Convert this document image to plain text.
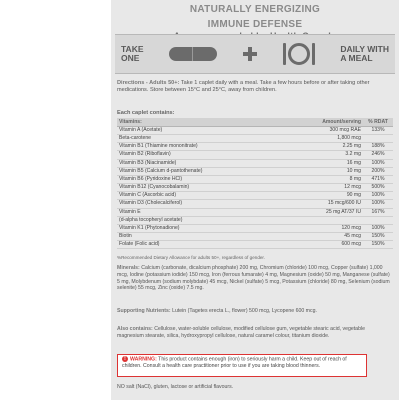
NATURALLY ENERGIZING
IMMUNE DEFENSE
TAKE
ONE
DAILY WITH
A MEAL
Directions - Adults 50+: Take 1 caplet daily with a meal. Take a few hours before or after taking other medications. Store between 15°C and 25°C, away from children.
Each caplet contains:
Vitamins:	Amount/serving	% RDAT
Vitamin A (Acetate)	300 mcg RAE	133%
Beta-carotene	1,800 mcg	
Vitamin B1 (Thiamine mononitrate)	2.25 mg	188%
Vitamin B2 (Riboflavin)	3.2 mg	246%
Vitamin B3 (Niacinamide)	16 mg	100%
Vitamin B5 (Calcium d-pantothenate)	10 mg	200%
Vitamin B6 (Pyridoxine HCl)	8 mg	471%
Vitamin B12 (Cyanocobalamin)	12 mcg	500%
Vitamin C (Ascorbic acid)	90 mg	100%
Vitamin D3 (Cholecalciferol)	15 mcg/600 IU	100%
Vitamin E	25 mg AT/37 IU	167%
(d-alpha tocopheryl acetate)		
Vitamin K1 (Phytonadione)	120 mcg	100%
Biotin	45 mcg	150%
Folate (Folic acid)	600 mcg	150%
%Recommended Dietary Allowance for adults 50+, regardless of gender.
Minerals: Calcium (carbonate, dicalcium phosphate) 200 mg, Chromium (chloride) 100 mcg, Copper (sulfate) 1,000 mcg, Iodine (potassium iodide) 150 mcg, Iron (ferrous fumarate) 4 mg, Magnesium (oxide) 50 mg, Manganese (sulfate) 5 mg, Molybdenum (sodium molybdate) 45 mcg, Nickel (sulfate) 5 mcg, Potassium (chloride) 80 mg, Selenium (sodium selenite) 55 mcg, Zinc (oxide) 7.5 mg.
Supporting Nutrients: Lutein (Tagetes erecta L., flower) 500 mcg, Lycopene 600 mcg.
Also contains: Cellulose, water-soluble cellulose, modified cellulose gum, vegetable stearic acid, vegetable magnesium stearate, silica, hydroxypropyl cellulose, natural caramel colour, titanium dioxide.
! WARNING: This product contains enough (iron) to seriously harm a child. Keep out of reach of children. Consult a health care practitioner prior to use if you are taking blood thinners.
NO salt (NaCl), gluten, lactose or artificial flavours.
